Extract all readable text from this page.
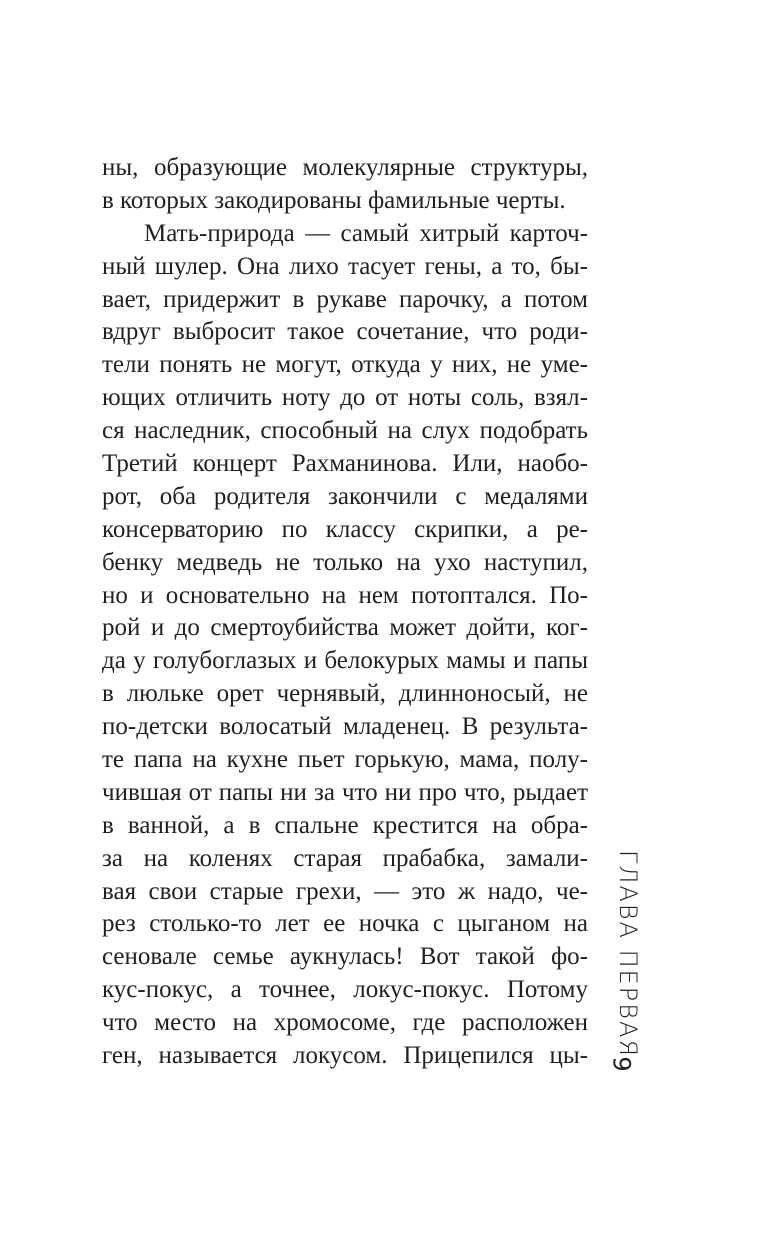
ны, образующие молекулярные структуры,
в которых закодированы фамильные черты.
Мать-природа — самый хитрый карточ-
ный шулер. Она лихо тасует гены, а то, бы-
вает, придержит в рукаве парочку, а потом
вдруг выбросит такое сочетание, что роди-
тели понять не могут, откуда у них, не уме-
ющих отличить ноту до от ноты соль, взял-
ся наследник, способный на слух подобрать
Третий концерт Рахманинова. Или, наобо-
рот, оба родителя закончили с медалями
консерваторию по классу скрипки, а ре-
бенку медведь не только на ухо наступил,
но и основательно на нем потоптался. По-
рой и до смертоубийства может дойти, ког-
да у голубоглазых и белокурых мамы и папы
в люльке орет чернявый, длинноносый, не
по-детски волосатый младенец. В результа-
те папа на кухне пьет горькую, мама, полу-
чившая от папы ни за что ни про что, рыдает
в ванной, а в спальне крестится на обра-
за на коленях старая прабабка, замали-
вая свои старые грехи, — это ж надо, че-
рез столько-то лет ее ночка с цыганом на
сеновале семье аукнулась! Вот такой фо-
кус-покус, а точнее, локус-покус. Потому
что место на хромосоме, где расположен
ген, называется локусом. Прицепился цы- ГЛАВА ПЕРВАЯ
9
